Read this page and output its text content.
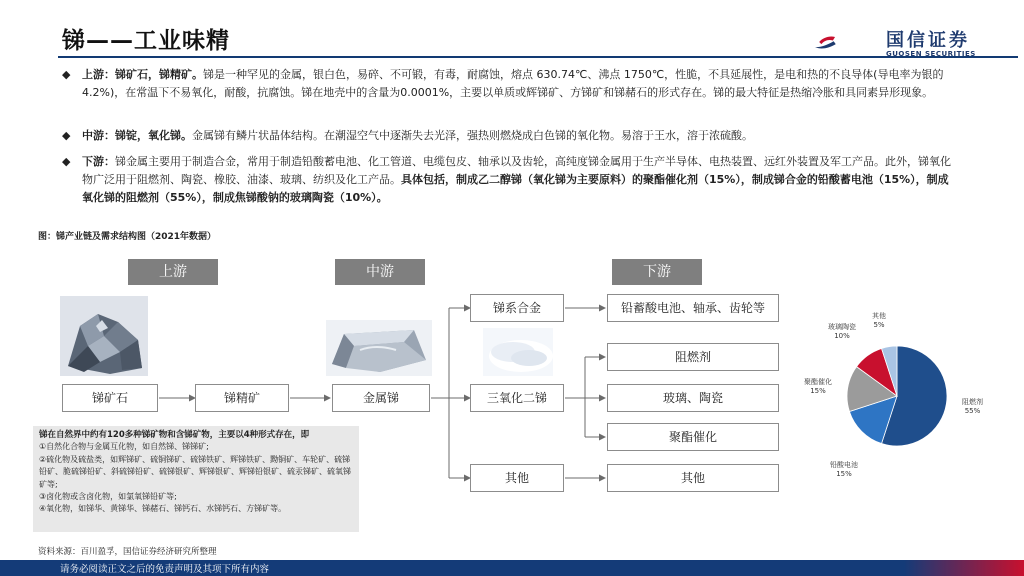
锑——工业味精	国信证券
GUOSEN SECURITIES
◆ 上游：锑矿石，锑精矿。锑是一种罕见的金属，银白色，易碎、不可锻，有毒，耐腐蚀，熔点 630.74℃、沸点 1750℃，性脆，不具延展性，是电和热的不良导体(导电率为银的4.2%)，在常温下不易氧化，耐酸，抗腐蚀。锑在地壳中的含量为0.0001%，主要以单质或辉锑矿、方锑矿和锑赭石的形式存在。锑的最大特征是热缩冷胀和具同素异形现象。
◆ 中游：锑锭，氧化锑。金属锑有鳞片状晶体结构。在潮湿空气中逐渐失去光泽，强热则燃烧成白色锑的氧化物。易溶于王水，溶于浓硫酸。
◆ 下游：锑金属主要用于制造合金，常用于制造铅酸蓄电池、化工管道、电缆包皮、轴承以及齿轮，高纯度锑金属用于生产半导体、电热装置、远红外装置及军工产品。此外，锑氧化物广泛用于阻燃剂、陶瓷、橡胶、油漆、玻璃、纺织及化工产品。具体包括，制成乙二醇锑（氧化锑为主要原料）的聚酯催化剂（15%），制成锑合金的铅酸蓄电池（15%），制成氧化锑的阻燃剂（55%），制成焦锑酸钠的玻璃陶瓷（10%）。
图：锑产业链及需求结构图（2021年数据）
上游	中游	下游
锑矿石	锑精矿	金属锑
锑系合金
三氧化二锑
其他
铅蓄酸电池、轴承、齿轮等
阻燃剂
玻璃、陶瓷
聚酯催化
其他
锑在自然界中约有120多种锑矿物和含锑矿物，主要以4种形式存在，即
①自然化合物与金属互化物，如自然锑、锑锑矿;
②硫化物及硫盐类，如辉锑矿、硫铜锑矿、硫锑铁矿、辉锑铁矿、黝铜矿、车轮矿、硫锑铅矿、脆硫锑铅矿、斜硫锑铅矿、硫锑银矿、辉锑银矿、辉锑铅银矿、硫汞锑矿、硫氧锑矿等;
③卤化物或含卤化物，如氯氧锑铅矿等;
④氧化物，如锑华、黄锑华、锑赭石、锑钙石、水锑钙石、方锑矿等。
其他
5%
玻璃陶瓷
10%
聚酯催化
15%
铅酸电池
15%
阻燃剂
55%
资料来源：百川盈孚，国信证券经济研究所整理
请务必阅读正文之后的免责声明及其项下所有内容
